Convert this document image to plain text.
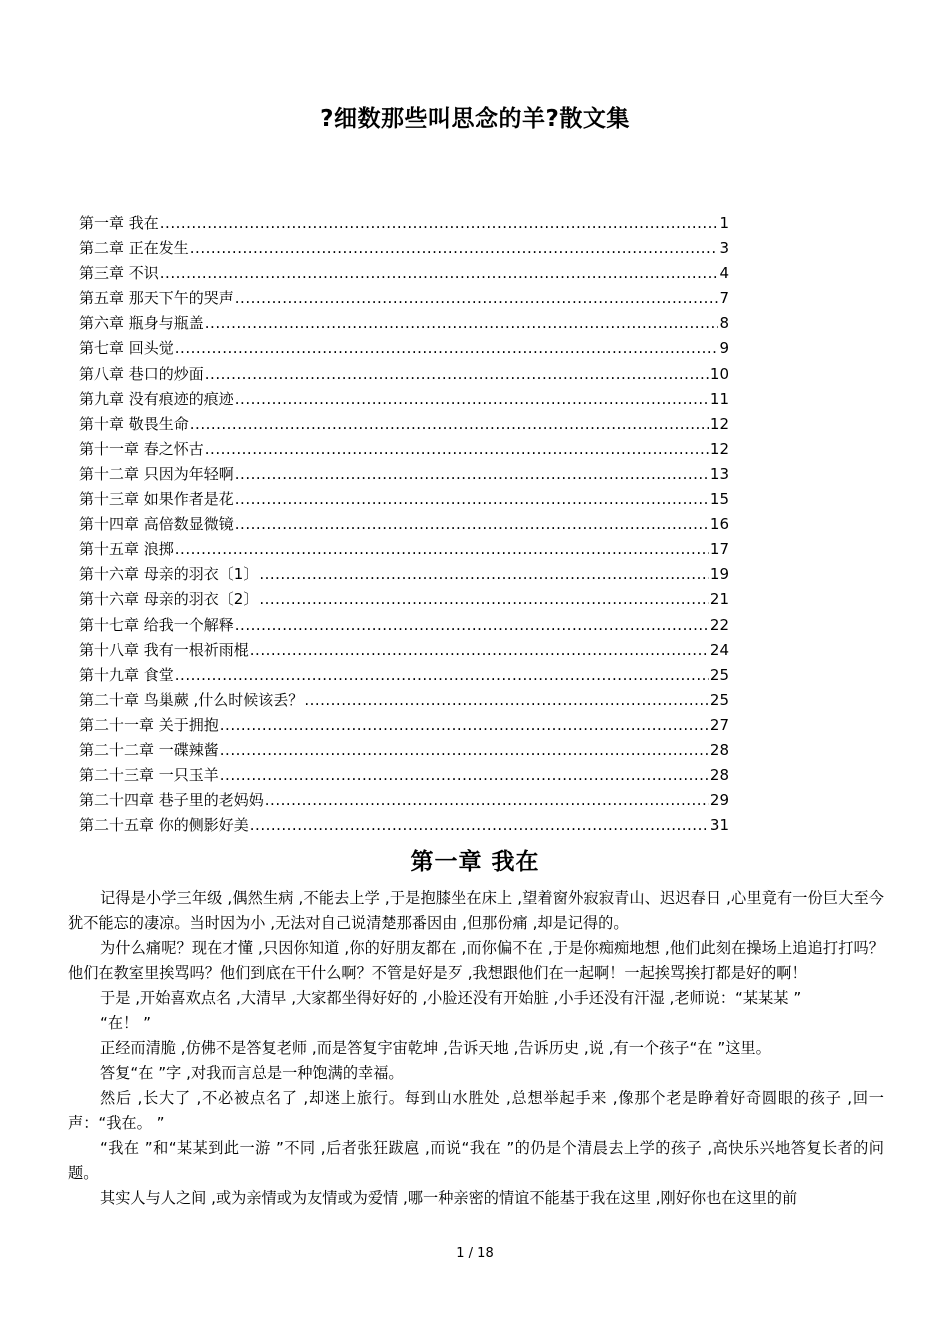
?细数那些叫思念的羊?散文集
第一章 我在 .....	1
第二章 正在发生 .....	3
第三章 不识 .....	4
第五章 那天下午的哭声 .....	7
第六章 瓶身与瓶盖 .....	8
第七章 回头觉 .....	9
第八章 巷口的炒面 .....	10
第九章 没有痕迹的痕迹 .....	11
第十章 敬畏生命 .....	12
第十一章 春之怀古 .....	12
第十二章 只因为年轻啊 .....	13
第十三章 如果作者是花 .....	15
第十四章 高倍数显微镜 .....	16
第十五章 浪掷 .....	17
第十六章 母亲的羽衣〔1〕 .....	19
第十六章 母亲的羽衣〔2〕 .....	21
第十七章 给我一个解释 .....	22
第十八章 我有一根祈雨棍 .....	24
第十九章 食堂 .....	25
第二十章 鸟巢蕨 ,什么时候该丢？ .....	25
第二十一章 关于拥抱 .....	27
第二十二章 一碟辣酱 .....	28
第二十三章 一只玉羊 .....	28
第二十四章 巷子里的老妈妈 .....	29
第二十五章 你的侧影好美 .....	31
第一章 我在

记得是小学三年级 ,偶然生病 ,不能去上学 ,于是抱膝坐在床上 ,望着窗外寂寂青山、迟迟春日 ,心里竟有一份巨大至今犹不能忘的凄凉。当时因为小 ,无法对自己说清楚那番因由 ,但那份痛 ,却是记得的。

为什么痛呢？现在才懂 ,只因你知道 ,你的好朋友都在 ,而你偏不在 ,于是你痴痴地想 ,他们此刻在操场上追追打打吗？他们在教室里挨骂吗？他们到底在干什么啊？不管是好是歹 ,我想跟他们在一起啊！一起挨骂挨打都是好的啊！

于是 ,开始喜欢点名 ,大清早 ,大家都坐得好好的 ,小脸还没有开始脏 ,小手还没有汗湿 ,老师说：“某某某 ”

“在！ ”

正经而清脆 ,仿佛不是答复老师 ,而是答复宇宙乾坤 ,告诉天地 ,告诉历史 ,说 ,有一个孩子“在 ”这里。

答复“在 ”字 ,对我而言总是一种饱满的幸福。

然后 ,长大了 ,不必被点名了 ,却迷上旅行。每到山水胜处 ,总想举起手来 ,像那个老是睁着好奇圆眼的孩子 ,回一声：“我在。 ”

“我在 ”和“某某到此一游 ”不同 ,后者张狂跋扈 ,而说“我在 ”的仍是个清晨去上学的孩子 ,高快乐兴地答复长者的问题。

其实人与人之间 ,或为亲情或为友情或为爱情 ,哪一种亲密的情谊不能基于我在这里 ,刚好你也在这里的前

1 / 18
